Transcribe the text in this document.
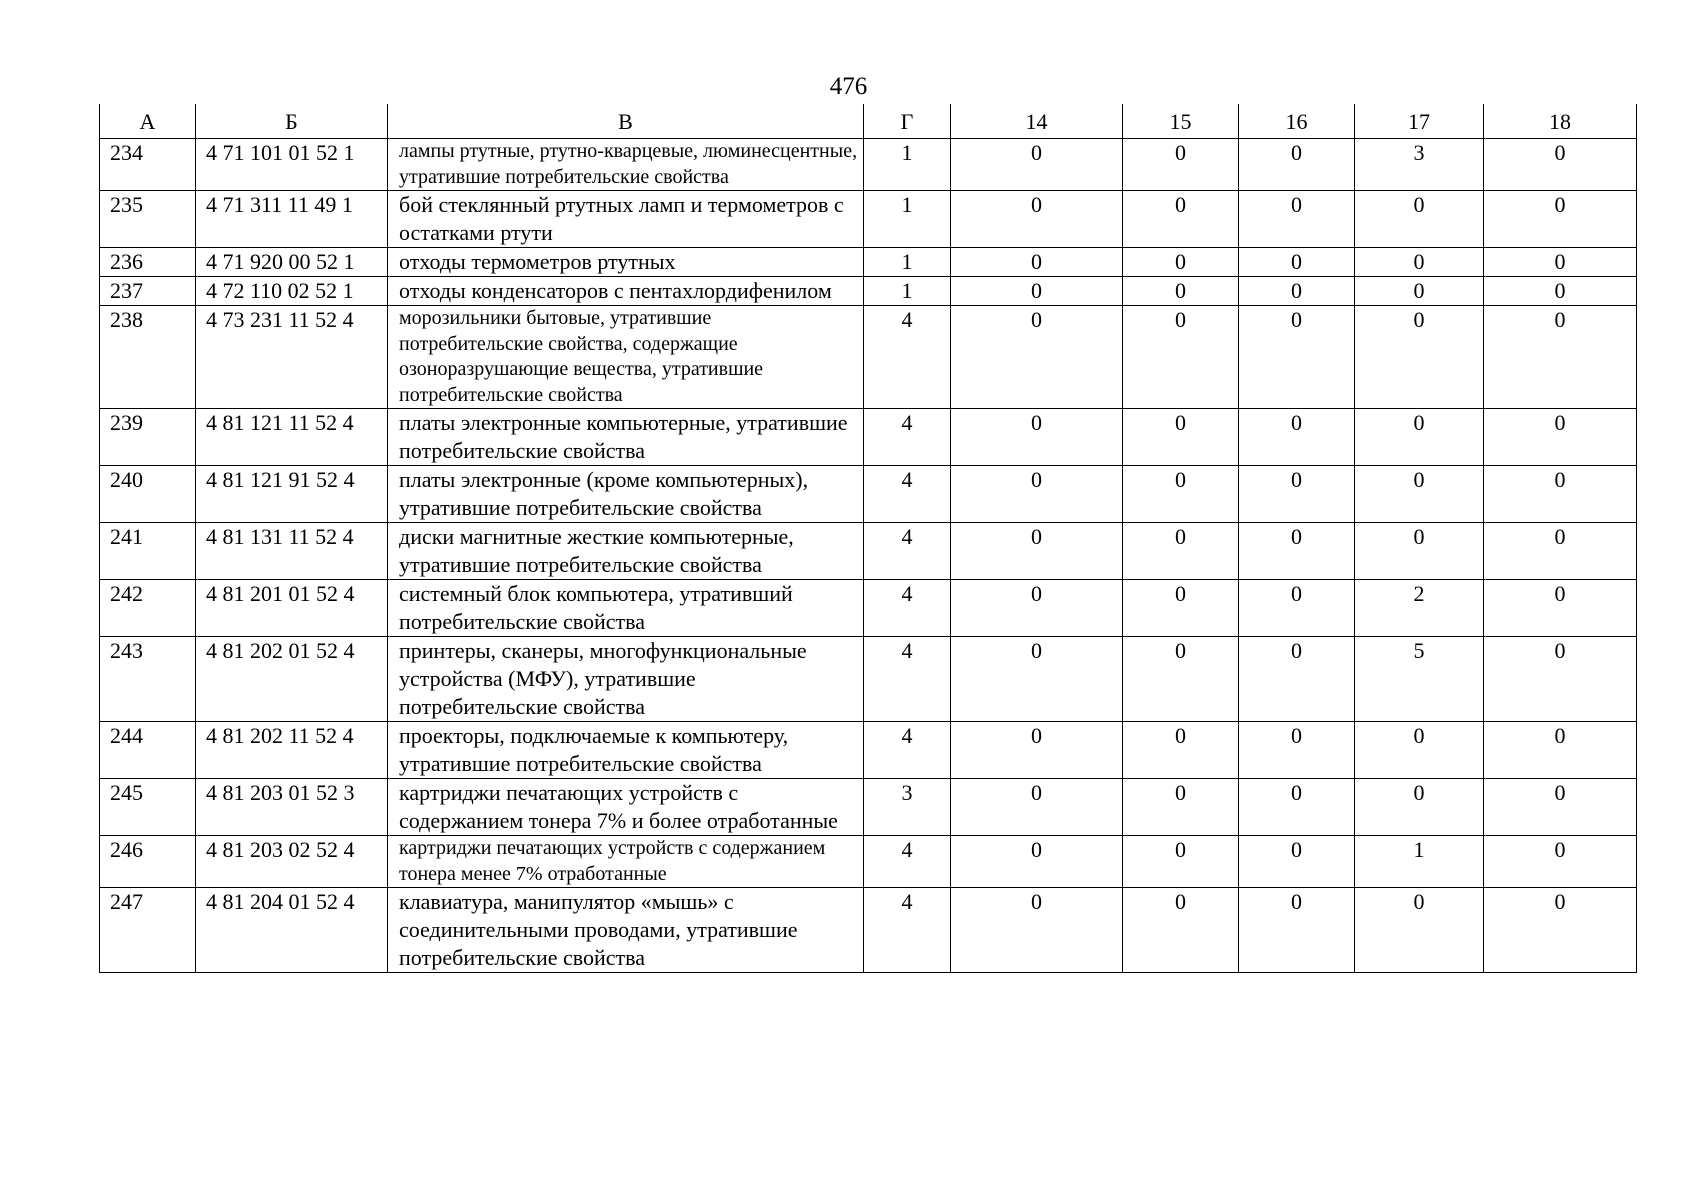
476
А	Б	В	Г	14	15	16	17	18
234	4 71 101 01 52 1	лампы ртутные, ртутно-кварцевые, люминесцентные, утратившие потребительские свойства	1	0	0	0	3	0
235	4 71 311 11 49 1	бой стеклянный ртутных ламп и термометров с остатками ртути	1	0	0	0	0	0
236	4 71 920 00 52 1	отходы термометров ртутных	1	0	0	0	0	0
237	4 72 110 02 52 1	отходы конденсаторов с пентахлордифенилом	1	0	0	0	0	0
238	4 73 231 11 52 4	морозильники бытовые, утратившие потребительские свойства, содержащие озоноразрушающие вещества, утратившие потребительские свойства	4	0	0	0	0	0
239	4 81 121 11 52 4	платы электронные компьютерные, утратившие потребительские свойства	4	0	0	0	0	0
240	4 81 121 91 52 4	платы электронные (кроме компьютерных), утратившие потребительские свойства	4	0	0	0	0	0
241	4 81 131 11 52 4	диски магнитные жесткие компьютерные, утратившие потребительские свойства	4	0	0	0	0	0
242	4 81 201 01 52 4	системный блок компьютера, утративший потребительские свойства	4	0	0	0	2	0
243	4 81 202 01 52 4	принтеры, сканеры, многофункциональные устройства (МФУ), утратившие потребительские свойства	4	0	0	0	5	0
244	4 81 202 11 52 4	проекторы, подключаемые к компьютеру, утратившие потребительские свойства	4	0	0	0	0	0
245	4 81 203 01 52 3	картриджи печатающих устройств с содержанием тонера 7% и более отработанные	3	0	0	0	0	0
246	4 81 203 02 52 4	картриджи печатающих устройств с содержанием тонера менее 7% отработанные	4	0	0	0	1	0
247	4 81 204 01 52 4	клавиатура, манипулятор «мышь» с соединительными проводами, утратившие потребительские свойства	4	0	0	0	0	0
